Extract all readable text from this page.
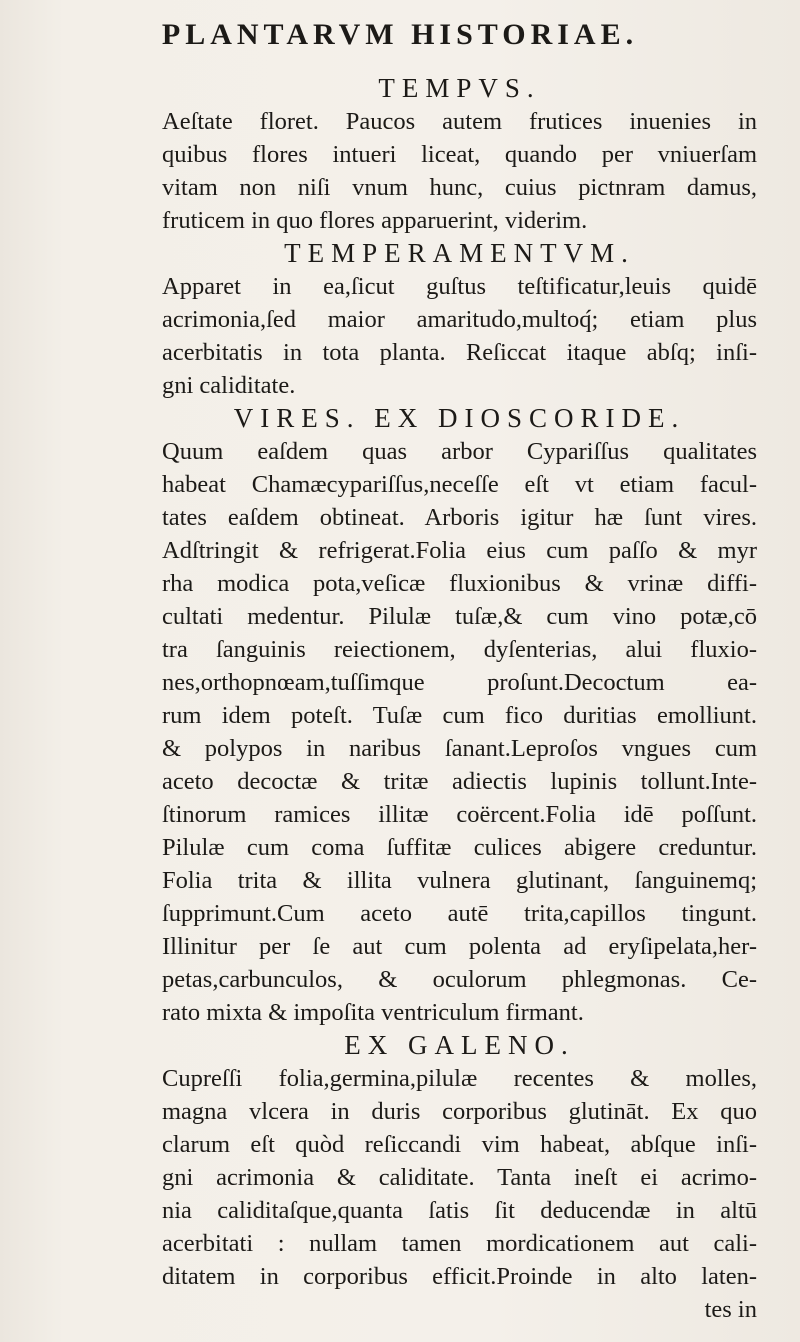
PLANTARVM HISTORIAE.
TEMPVS.
Aeſtate floret. Paucos autem frutices inuenies in
quibus flores intueri liceat, quando per vniuerſam
vitam non niſi vnum hunc, cuius pictnram damus,
fruticem in quo flores apparuerint, viderim.
TEMPERAMENTVM.
Apparet in ea,ſicut guſtus teſtificatur,leuis quidē
acrimonia,ſed maior amaritudo,multoq́; etiam plus
acerbitatis in tota planta. Reſiccat itaque abſq; inſi-
gni caliditate.
VIRES. EX DIOSCORIDE.
Quum eaſdem quas arbor Cypariſſus qualitates
habeat Chamæcypariſſus,neceſſe eſt vt etiam facul-
tates eaſdem obtineat. Arboris igitur hæ ſunt vires.
Adſtringit & refrigerat.Folia eius cum paſſo & myr
rha modica pota,veſicæ fluxionibus & vrinæ diffi-
cultati medentur. Pilulæ tuſæ,& cum vino potæ,cō
tra ſanguinis reiectionem, dyſenterias, alui fluxio-
nes,orthopnœam,tuſſimque proſunt.Decoctum ea-
rum idem poteſt. Tuſæ cum fico duritias emolliunt.
& polypos in naribus ſanant.Leproſos vngues cum
aceto decoctæ & tritæ adiectis lupinis tollunt.Inte-
ſtinorum ramices illitæ coërcent.Folia idē poſſunt.
Pilulæ cum coma ſuffitæ culices abigere creduntur.
Folia trita & illita vulnera glutinant, ſanguinemq;
ſupprimunt.Cum aceto autē trita,capillos tingunt.
Illinitur per ſe aut cum polenta ad eryſipelata,her-
petas,carbunculos, & oculorum phlegmonas. Ce-
rato mixta & impoſita ventriculum firmant.
EX GALENO.
Cupreſſi folia,germina,pilulæ recentes & molles,
magna vlcera in duris corporibus glutināt. Ex quo
clarum eſt quòd reſiccandi vim habeat, abſque inſi-
gni acrimonia & caliditate. Tanta ineſt ei acrimo-
nia caliditaſque,quanta ſatis ſit deducendæ in altū
acerbitati : nullam tamen mordicationem aut cali-
ditatem in corporibus efficit.Proinde in alto laten-
tes in
